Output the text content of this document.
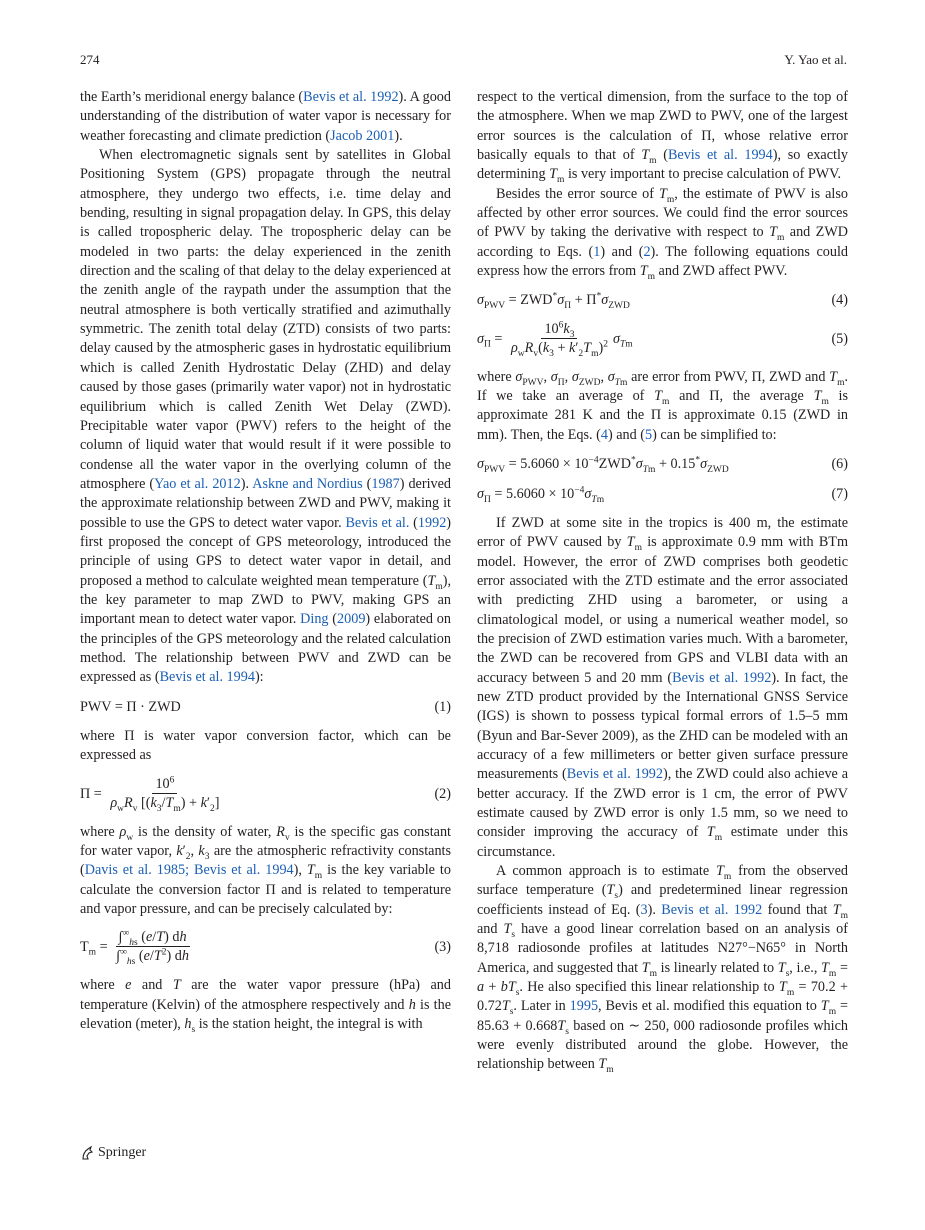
274	Y. Yao et al.

the Earth’s meridional energy balance (Bevis et al. 1992). A good understanding of the distribution of water vapor is necessary for weather forecasting and climate prediction (Jacob 2001).

When electromagnetic signals sent by satellites in Global Positioning System (GPS) propagate through the neutral atmosphere, they undergo two effects, i.e. time delay and bending, resulting in signal propagation delay. In GPS, this delay is called tropospheric delay. The tropospheric delay can be modeled in two parts: the delay experienced in the zenith direction and the scaling of that delay to the delay experienced at the zenith angle of the raypath under the assumption that the neutral atmosphere is both vertically stratified and azimuthally symmetric. The zenith total delay (ZTD) consists of two parts: delay caused by the atmospheric gases in hydrostatic equilibrium which is called Zenith Hydrostatic Delay (ZHD) and delay caused by those gases (primarily water vapor) not in hydrostatic equilibrium which is called Zenith Wet Delay (ZWD). Precipitable water vapor (PWV) refers to the height of the column of liquid water that would result if it were possible to condense all the water vapor in the overlying column of the atmosphere (Yao et al. 2012). Askne and Nordius (1987) derived the approximate relationship between ZWD and PWV, making it possible to use the GPS to detect water vapor. Bevis et al. (1992) first proposed the concept of GPS meteorology, introduced the principle of using GPS to detect water vapor in detail, and proposed a method to calculate weighted mean temperature $(T_m)$, the key parameter to map ZWD to PWV, making GPS an important mean to detect water vapor. Ding (2009) elaborated on the principles of the GPS meteorology and the related calculation method. The relationship between PWV and ZWD can be expressed as (Bevis et al. 1994):

PWV = Π · ZWD	(1)

where Π is water vapor conversion factor, which can be expressed as

$\Pi = \frac{10^6}{\rho_wR_v [(k_3/T_m) + k'_2]}$	(2)

where $\rho_w$ is the density of water, $R_v$ is the specific gas constant for water vapor, $k'_2$, $k_3$ are the atmospheric refractivity constants (Davis et al. 1985; Bevis et al. 1994), $T_m$ is the key variable to calculate the conversion factor Π and is related to temperature and vapor pressure, and can be precisely calculated by:

$T_m = \frac{\int^\infty_{hs} (e/T) dh}{\int^\infty_{hs} (e/T^2) dh}$	(3)

where e and T are the water vapor pressure (hPa) and temperature (Kelvin) of the atmosphere respectively and h is the elevation (meter), $h_s$ is the station height, the integral is with

respect to the vertical dimension, from the surface to the top of the atmosphere. When we map ZWD to PWV, one of the largest error sources is the calculation of Π, whose relative error basically equals to that of $T_m$ (Bevis et al. 1994), so exactly determining $T_m$ is very important to precise calculation of PWV.

Besides the error source of $T_m$, the estimate of PWV is also affected by other error sources. We could find the error sources of PWV by taking the derivative with respect to $T_m$ and ZWD according to Eqs. (1) and (2). The following equations could express how the errors from $T_m$ and ZWD affect PWV.

$\sigma_{PWV} = ZWD^*\sigma_\Pi + \Pi^*\sigma_{ZWD}$	(4)
$\sigma_\Pi = \frac{10^6k_3}{\rho_wR_v(k_3 + k'_2T_m)^2} \sigma_{Tm}$	(5)

where $\sigma_{PWV}$, $\sigma_\Pi$, $\sigma_{ZWD}$, $\sigma_{Tm}$ are error from PWV, Π, ZWD and $T_m$. If we take an average of $T_m$ and Π, the average $T_m$ is approximate 281 K and the Π is approximate 0.15 (ZWD in mm). Then, the Eqs. (4) and (5) can be simplified to:

$\sigma_{PWV} = 5.6060 \times 10^{-4}ZWD^*\sigma_{Tm} + 0.15^*\sigma_{ZWD}$	(6)
$\sigma_\Pi = 5.6060 \times 10^{-4}\sigma_{Tm}$	(7)

If ZWD at some site in the tropics is 400 m, the estimate error of PWV caused by $T_m$ is approximate 0.9 mm with BTm model. However, the error of ZWD comprises both geodetic error associated with the ZTD estimate and the error associated with predicting ZHD using a barometer, or using a climatological model, or using a numerical weather model, so the precision of ZWD estimation varies much. With a barometer, the ZWD can be recovered from GPS and VLBI data with an accuracy between 5 and 20 mm (Bevis et al. 1992). In fact, the new ZTD product provided by the International GNSS Service (IGS) is shown to possess typical formal errors of 1.5–5 mm (Byun and Bar-Sever 2009), as the ZHD can be modeled with an accuracy of a few millimeters or better given surface pressure measurements (Bevis et al. 1992), the ZWD could also achieve a better accuracy. If the ZWD error is 1 cm, the error of PWV estimate caused by ZWD error is only 1.5 mm, so we need to consider improving the accuracy of $T_m$ estimate under this circumstance.

A common approach is to estimate $T_m$ from the observed surface temperature $(T_s)$ and predetermined linear regression coefficients instead of Eq. (3). Bevis et al. 1992 found that $T_m$ and $T_s$ have a good linear correlation based on an analysis of 8,718 radiosonde profiles at latitudes N27°−N65° in North America, and suggested that $T_m$ is linearly related to $T_s$, i.e., $T_m = a + bT_s$. He also specified this linear relationship to $T_m = 70.2 + 0.72T_s$. Later in 1995, Bevis et al. modified this equation to $T_m = 85.63 + 0.668T_s$ based on ∼ 250, 000 radiosonde profiles which were evenly distributed around the globe. However, the relationship between $T_m$

Springer
